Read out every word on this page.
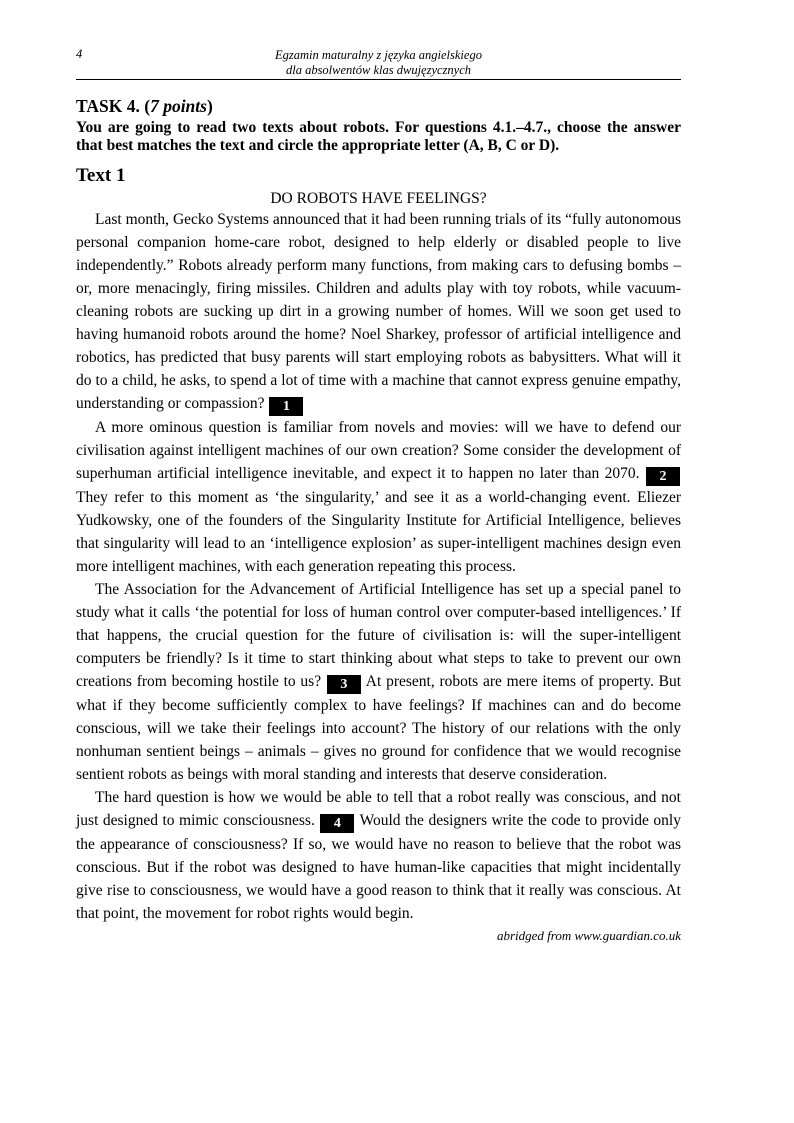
4	Egzamin maturalny z języka angielskiego
dla absolwentów klas dwujęzycznych
TASK 4. (7 points)
You are going to read two texts about robots. For questions 4.1.–4.7., choose the answer that best matches the text and circle the appropriate letter (A, B, C or D).
Text 1
DO ROBOTS HAVE FEELINGS?

Last month, Gecko Systems announced that it had been running trials of its “fully autonomous personal companion home-care robot, designed to help elderly or disabled people to live independently.” Robots already perform many functions, from making cars to defusing bombs – or, more menacingly, firing missiles. Children and adults play with toy robots, while vacuum-cleaning robots are sucking up dirt in a growing number of homes. Will we soon get used to having humanoid robots around the home? Noel Sharkey, professor of artificial intelligence and robotics, has predicted that busy parents will start employing robots as babysitters. What will it do to a child, he asks, to spend a lot of time with a machine that cannot express genuine empathy, understanding or compassion? 1

A more ominous question is familiar from novels and movies: will we have to defend our civilisation against intelligent machines of our own creation? Some consider the development of superhuman artificial intelligence inevitable, and expect it to happen no later than 2070. 2 They refer to this moment as ‘the singularity,’ and see it as a world-changing event. Eliezer Yudkowsky, one of the founders of the Singularity Institute for Artificial Intelligence, believes that singularity will lead to an ‘intelligence explosion’ as super-intelligent machines design even more intelligent machines, with each generation repeating this process.

The Association for the Advancement of Artificial Intelligence has set up a special panel to study what it calls ‘the potential for loss of human control over computer-based intelligences.’ If that happens, the crucial question for the future of civilisation is: will the super-intelligent computers be friendly? Is it time to start thinking about what steps to take to prevent our own creations from becoming hostile to us? 3 At present, robots are mere items of property. But what if they become sufficiently complex to have feelings? If machines can and do become conscious, will we take their feelings into account? The history of our relations with the only nonhuman sentient beings – animals – gives no ground for confidence that we would recognise sentient robots as beings with moral standing and interests that deserve consideration.

The hard question is how we would be able to tell that a robot really was conscious, and not just designed to mimic consciousness. 4 Would the designers write the code to provide only the appearance of consciousness? If so, we would have no reason to believe that the robot was conscious. But if the robot was designed to have human-like capacities that might incidentally give rise to consciousness, we would have a good reason to think that it really was conscious. At that point, the movement for robot rights would begin.

abridged from www.guardian.co.uk
